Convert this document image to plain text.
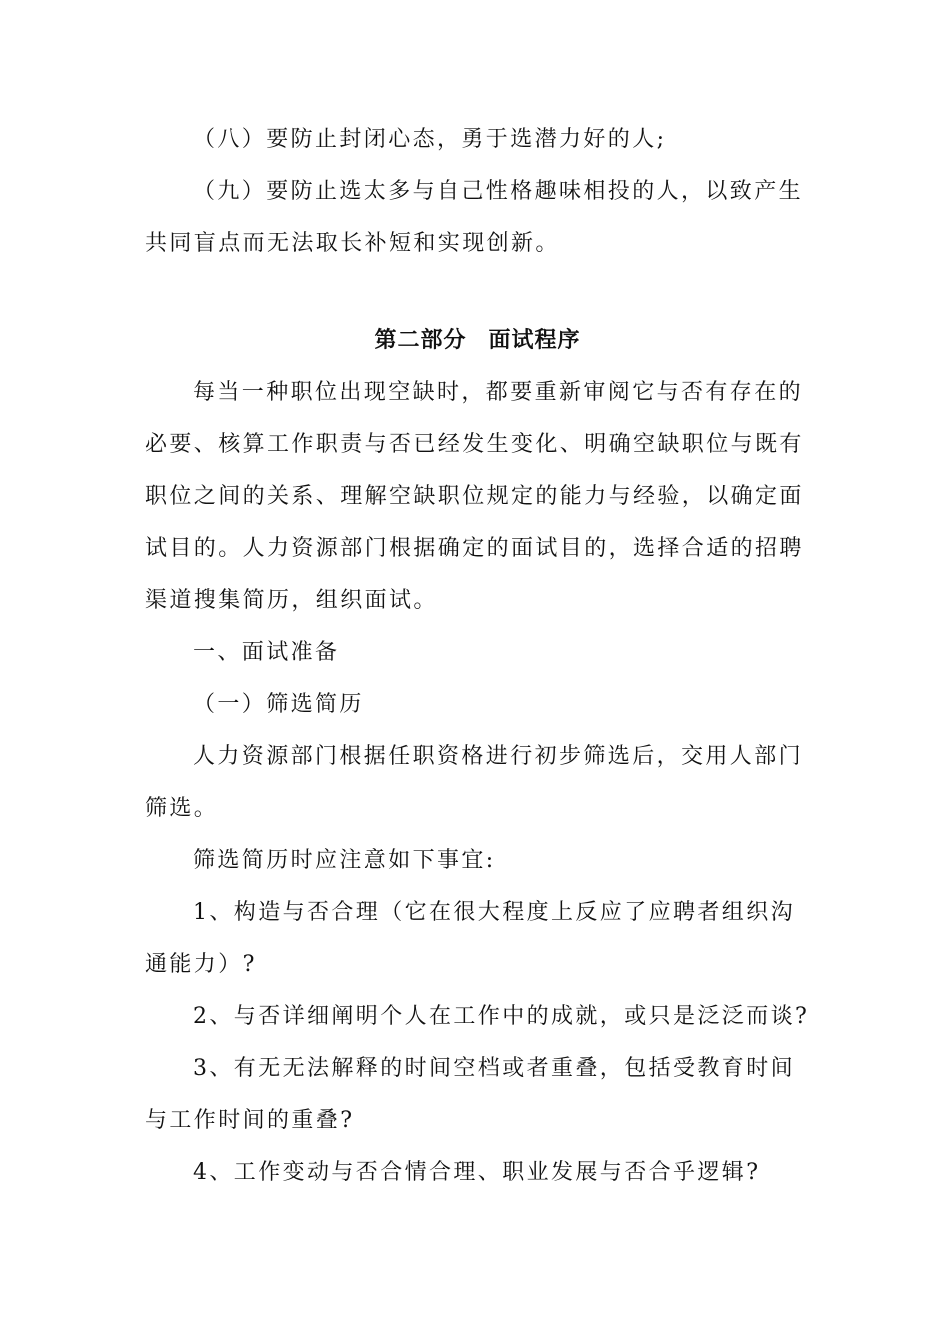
（八）要防止封闭心态，勇于选潜力好的人;

（九）要防止选太多与自己性格趣味相投的人，以致产生共同盲点而无法取长补短和实现创新。

第二部分 面试程序

每当一种职位出现空缺时，都要重新审阅它与否有存在的必要、核算工作职责与否已经发生变化、明确空缺职位与既有职位之间的关系、理解空缺职位规定的能力与经验，以确定面试目的。人力资源部门根据确定的面试目的，选择合适的招聘渠道搜集简历，组织面试。

一、面试准备

（一）筛选简历

人力资源部门根据任职资格进行初步筛选后，交用人部门筛选。

筛选简历时应注意如下事宜:

1、构造与否合理（它在很大程度上反应了应聘者组织沟通能力）?

2、与否详细阐明个人在工作中的成就，或只是泛泛而谈?

3、有无无法解释的时间空档或者重叠，包括受教育时间与工作时间的重叠?

4、工作变动与否合情合理、职业发展与否合乎逻辑?
